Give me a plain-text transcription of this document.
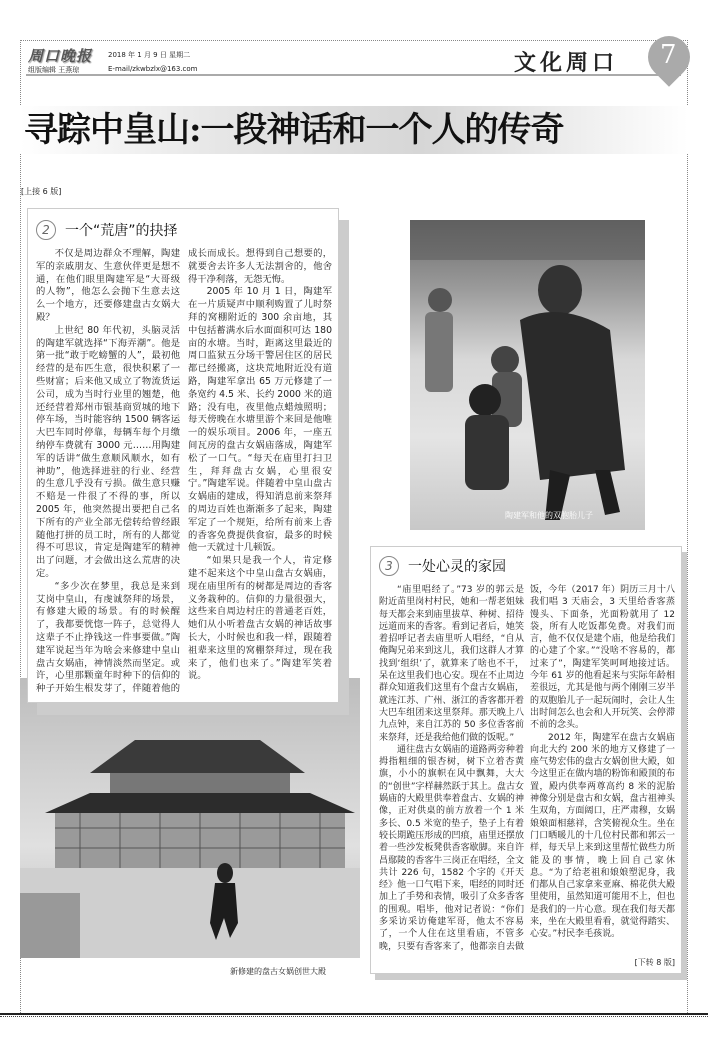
周口晚报 2018 年 1 月 9 日 星期二
组版编辑 王燕琼	E-mail/zkwbzlx@163.com	文化周口 7
寻踪中皇山:一段神话和一个人的传奇
[上接 6 版]
陶建军和他的双胞胎儿子
新修建的盘古女娲创世大殿
2	一个“荒唐”的抉择

不仅是周边群众不理解，陶建军的亲戚朋友、生意伙伴更是想不通，在他们眼里陶建军是“大哥级的人物”，他怎么会抛下生意去这么一个地方，还要修建盘古女娲大殿？

上世纪 80 年代初，头脑灵活的陶建军就选择“下海弄潮”。他是第一批“敢于吃螃蟹的人”，最初他经营的是布匹生意，很快积累了一些财富；后来他又成立了物流货运公司，成为当时行业里的翘楚，他还经营着郑州市银基商贸城的地下停车场，当时能容纳 1500 辆客运大巴车同时停靠，每辆车每个月缴纳停车费就有 3000 元……用陶建军的话讲“做生意顺风顺水，如有神助”，他选择进驻的行业、经营的生意几乎没有亏损。做生意只赚不赔是一件很了不得的事，所以 2005 年，他突然提出要把自己名下所有的产业全部无偿转给曾经跟随他打拼的员工时，所有的人都觉得不可思议，肯定是陶建军的精神出了问题，才会做出这么荒唐的决定。

“多少次在梦里，我总是来到艾岗中皇山，有虔诚祭拜的场景，有修建大殿的场景。有的时候醒了，我都要恍惚一阵子，总觉得人这辈子不止挣钱这一件事要做。”陶建军说起当年为啥会来修建中皇山盘古女娲庙，神情淡然而坚定。或许，心里那颗童年时种下的信仰的种子开始生根发芽了，伴随着他的成长而成长。想得到自己想要的，就要舍去许多人无法割舍的，他舍得干净利落，无怨无悔。

2005 年 10 月 1 日，陶建军在一片质疑声中顺利购置了儿时祭拜的窝棚附近的 300 余亩地，其中包括蓄满水后水面面积可达 180 亩的水塘。当时，距离这里最近的周口监狱五分场干警居住区的居民都已经搬离，这块荒地附近没有道路，陶建军拿出 65 万元修建了一条宽约 4.5 米、长约 2000 米的道路；没有电，夜里他点蜡烛照明；每天傍晚在水塘里游个来回是他唯一的娱乐项目。2006 年，一座五间瓦房的盘古女娲庙落成，陶建军松了一口气。“每天在庙里打扫卫生，拜拜盘古女娲，心里很安宁。”陶建军说。伴随着中皇山盘古女娲庙的建成，得知消息前来祭拜的周边百姓也渐渐多了起来，陶建军定了一个规矩，给所有前来上香的香客免费提供食宿，最多的时候他一天就过十几顿饭。

“如果只是我一个人，肯定修建不起来这个中皇山盘古女娲庙，现在庙里所有的树都是周边的香客义务栽种的。信仰的力量很强大，这些来自周边村庄的普通老百姓，她们从小听着盘古女娲的神话故事长大，小时候也和我一样，跟随着祖辈来这里的窝棚祭拜过，现在我来了，他们也来了。”陶建军笑着说。

3	一处心灵的家园

“庙里唱经了。”73 岁的郭云是附近苗里岗村村民，她和一帮老姐妹每天都会来到庙里拔草、种树、招待远道而来的香客。看到记者后，她笑着招呼记者去庙里听人唱经，“自从俺陶兄弟来到这儿，我们这群人才算找到‘组织’了，就算来了啥也不干，呆在这里我们也心安。现在不止周边群众知道我们这里有个盘古女娲庙，就连江苏、广州、浙江的香客都开着大巴车组团来这里祭拜。那天晚上八九点钟，来自江苏的 50 多位香客前来祭拜，还是我给他们做的饭呢。”

通往盘古女娲庙的道路两旁种着拇指粗细的银杏树，树下立着杏黄旗，小小的旗帜在风中飘舞，大大的“创世”字样赫然跃于其上。盘古女娲庙的大殿里供奉着盘古、女娲的神像，正对供桌的前方放着一个 1 米多长、0.5 米宽的垫子，垫子上有着较长期跪压形成的凹痕，庙里还摆放着一些沙发板凳供香客歇脚。来自许昌鄢陵的香客牛三岗正在唱经，全文共计 226 句，1582 个字的《开天经》他一口气唱下来，唱经的同时还加上了手势和表情，吸引了众多香客的围观。唱毕，他对记者说：“你们多采访采访俺建军哥，他太不容易了，一个人住在这里看庙，不管多晚，只要有香客来了，他都亲自去做饭，今年（2017 年）阴历三月十八我们唱 3 天庙会，3 天里给香客蒸馒头、下面条，光面粉就用了 12 袋，所有人吃饭都免费。对我们而言，他不仅仅是建个庙，他是给我们的心建了个家。”“没啥不容易的，都过来了”，陶建军笑呵呵地接过话。今年 61 岁的他看起来与实际年龄相差很远，尤其是他与两个刚刚三岁半的双胞胎儿子一起玩闹时，会让人生出时间怎么也会和人开玩笑、会停滞不前的念头。

2012 年，陶建军在盘古女娲庙向北大约 200 米的地方又修建了一座气势宏伟的盘古女娲创世大殿，如今这里正在做内墙的粉饰和殿顶的布置，殿内供奉两尊高约 8 米的泥胎神像分别是盘古和女娲，盘古祖神头生双角，方面阔口，庄严肃穆，女娲娘娘面相慈祥，含笑俯视众生。坐在门口晒暖儿的十几位村民都和郭云一样，每天早上来到这里帮忙做些力所能及的事情，晚上回自己家休息。“为了给老祖和娘娘塑泥身，我们都从自己家拿来亚麻、棉花供大殿里使用，虽然知道可能用不上，但也是我们的一片心意。现在我们每天都来，坐在大殿里看看，就觉得踏实、心安。”村民李毛孩说。

[下转 8 版]
